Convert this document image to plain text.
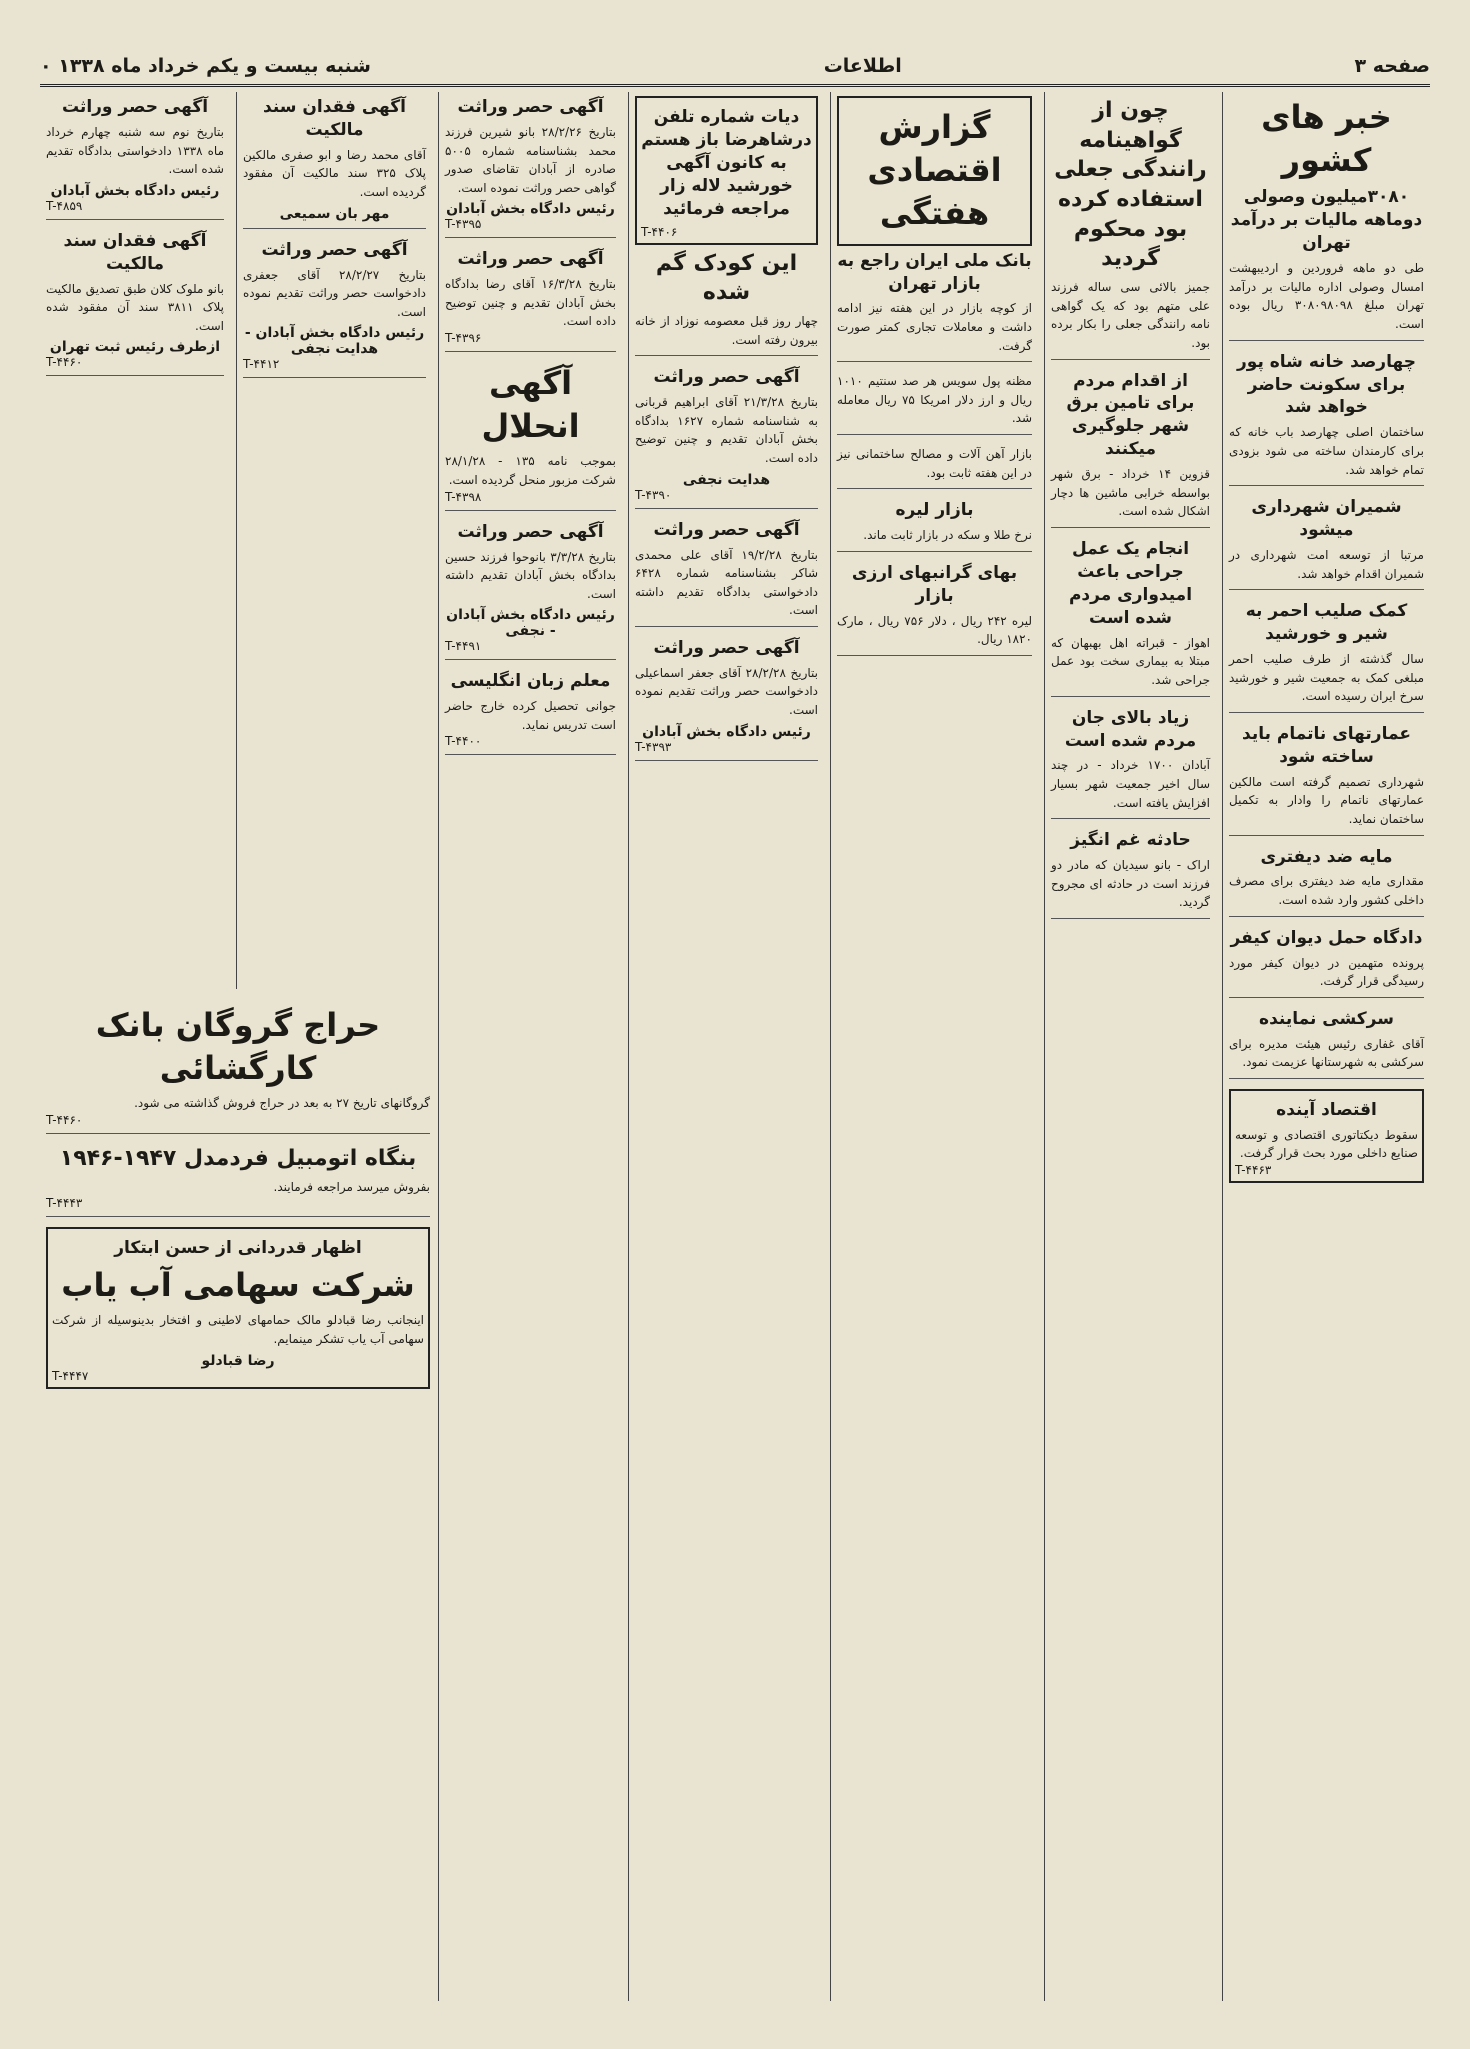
صفحه ۳
اطلاعات
شنبه بیست و یکم خرداد ماه ۱۳۳۸ ۰
خبر های کشور
۳۰۸۰میلیون وصولی دوماهه مالیات بر درآمد تهران
طی دو ماهه فروردین و اردیبهشت امسال وصولی اداره مالیات بر درآمد تهران مبلغ ۳۰۸۰۹۸۰۹۸ ریال بوده است.
چهارصد خانه شاه پور برای سکونت حاضر خواهد شد
ساختمان اصلی چهارصد باب خانه که برای کارمندان ساخته می شود بزودی تمام خواهد شد.
شمیران شهرداری میشود
مرتبا از توسعه امت شهرداری در شمیران اقدام خواهد شد.
کمک صلیب احمر به شیر و خورشید
سال گذشته از طرف صلیب احمر مبلغی کمک به جمعیت شیر و خورشید سرخ ایران رسیده است.
عمارتهای ناتمام باید ساخته شود
شهرداری تصمیم گرفته است مالکین عمارتهای ناتمام را وادار به تکمیل ساختمان نماید.
مایه ضد دیفتری
مقداری مایه ضد دیفتری برای مصرف داخلی کشور وارد شده است.
دادگاه حمل دیوان کیفر
پرونده متهمین در دیوان کیفر مورد رسیدگی قرار گرفت.
سرکشی نماینده
آقای غفاری رئیس هیئت مدیره برای سرکشی به شهرستانها عزیمت نمود.
اقتصاد آینده
سقوط دیکتاتوری اقتصادی و توسعه صنایع داخلی مورد بحث قرار گرفت.
T-۴۴۶۳
چون از گواهینامه رانندگی جعلی استفاده کرده بود محکوم گردید
جمیز بالائی سی ساله فرزند علی متهم بود که یک گواهی نامه رانندگی جعلی را بکار برده بود.
از اقدام مردم برای تامین برق شهر جلوگیری میکنند
قزوین ۱۴ خرداد - برق شهر بواسطه خرابی ماشین ها دچار اشکال شده است.
انجام یک عمل جراحی باعث امیدواری مردم شده است
اهواز - قبراته اهل بهبهان که مبتلا به بیماری سخت بود عمل جراحی شد.
زیاد بالای جان مردم شده است
آبادان ۱۷۰۰ خرداد - در چند سال اخیر جمعیت شهر بسیار افزایش یافته است.
حادثه غم انگیز
اراک - بانو سیدیان که مادر دو فرزند است در حادثه ای مجروح گردید.
گزارش اقتصادی هفتگی
بانک ملی ایران راجع به بازار تهران
از کوچه بازار در این هفته نیز ادامه داشت و معاملات تجاری کمتر صورت گرفت.
مظنه پول سویس هر صد سنتیم ۱۰۱۰ ریال و ارز دلار امریکا ۷۵ ریال معامله شد.
بازار آهن آلات و مصالح ساختمانی نیز در این هفته ثابت بود.
بازار لیره
نرخ طلا و سکه در بازار ثابت ماند.
بهای گرانبهای ارزی بازار
لیره ۲۴۲ ریال ، دلار ۷۵۶ ریال ، مارک ۱۸۲۰ ریال.
دیات شماره تلفن درشاهرضا باز هستم به کانون آگهی خورشید لاله زار مراجعه فرمائید
T-۴۴۰۶
این کودک گم شده
چهار روز قبل معصومه نوزاد از خانه بیرون رفته است.
آگهی حصر وراثت
بتاریخ ۲۱/۳/۲۸ آقای ابراهیم قربانی به شناسنامه شماره ۱۶۲۷ بدادگاه بخش آبادان تقدیم و چنین توضیح داده است.
هدایت نجفی
T-۴۳۹۰
آگهی حصر وراثت
بتاریخ ۱۹/۲/۲۸ آقای علی محمدی شاکر بشناسنامه شماره ۶۴۲۸ دادخواستی بدادگاه تقدیم داشته است.
آگهی حصر وراثت
بتاریخ ۲۸/۲/۲۸ آقای جعفر اسماعیلی دادخواست حصر وراثت تقدیم نموده است.
رئیس دادگاه بخش آبادان
T-۴۳۹۳
آگهی حصر وراثت
بتاریخ ۲۸/۲/۲۶ بانو شیرین فرزند محمد بشناسنامه شماره ۵۰۰۵ صادره از آبادان تقاضای صدور گواهی حصر وراثت نموده است.
رئیس دادگاه بخش آبادان
T-۴۳۹۵
آگهی حصر وراثت
بتاریخ ۱۶/۳/۲۸ آقای رضا بدادگاه بخش آبادان تقدیم و چنین توضیح داده است.
T-۴۳۹۶
آگهی انحلال
بموجب نامه ۱۳۵ - ۲۸/۱/۲۸ شرکت مزبور منحل گردیده است.
T-۴۳۹۸
آگهی حصر وراثت
بتاریخ ۳/۳/۲۸ بانوحوا فرزند حسین بدادگاه بخش آبادان تقدیم داشته است.
رئیس دادگاه بخش آبادان - نجفی
T-۴۴۹۱
معلم زبان انگلیسی
جوانی تحصیل کرده خارج حاضر است تدریس نماید.
T-۴۴۰۰
آگهی فقدان سند مالکیت
آقای محمد رضا و ابو صفری مالکین پلاک ۳۲۵ سند مالکیت آن مفقود گردیده است.
مهر بان سمیعی
آگهی حصر وراثت
بتاریخ ۲۸/۲/۲۷ آقای جعفری دادخواست حصر وراثت تقدیم نموده است.
رئیس دادگاه بخش آبادان - هدایت نجفی
T-۴۴۱۲
آگهی حصر وراثت
بتاریخ نوم سه شنبه چهارم خرداد ماه ۱۳۳۸ دادخواستی بدادگاه تقدیم شده است.
رئیس دادگاه بخش آبادان
T-۴۸۵۹
آگهی فقدان سند مالکیت
بانو ملوک کلان طبق تصدیق مالکیت پلاک ۳۸۱۱ سند آن مفقود شده است.
ازطرف رئیس ثبت تهران
T-۴۴۶۰
حراج گروگان بانک کارگشائی
گروگانهای تاریخ ۲۷ به بعد در حراج فروش گذاشته می شود.
T-۴۴۶۰
بنگاه اتومبیل فردمدل ۱۹۴۷-۱۹۴۶
بفروش میرسد مراجعه فرمایند.
T-۴۴۴۳
اظهار قدردانی از حسن ابتکار
شرکت سهامی آب یاب
اینجانب رضا قبادلو مالک حمامهای لاطینی و افتخار بدینوسیله از شرکت سهامی آب یاب تشکر مینمایم.
رضا قبادلو
T-۴۴۴۷
